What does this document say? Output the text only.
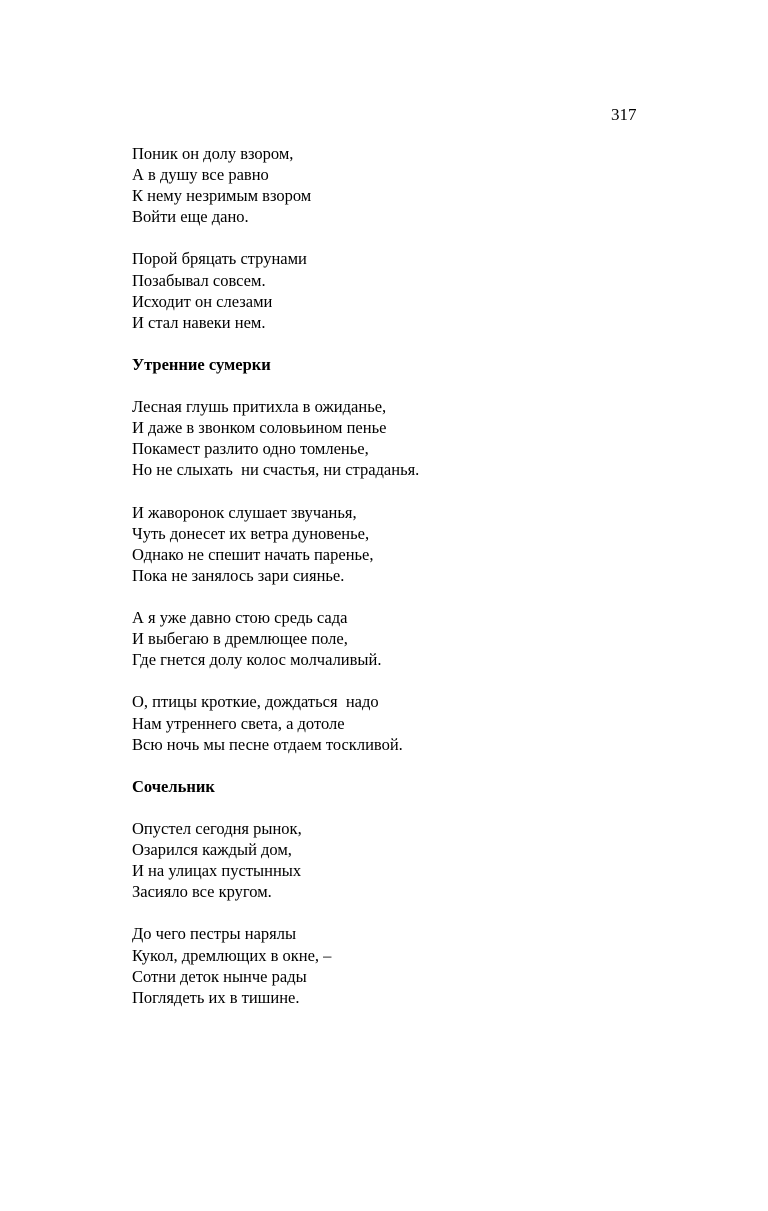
317
Поник он долу взором,
А в душу все равно
К нему незримым взором
Войти еще дано.
Порой бряцать струнами
Позабывал совсем.
Исходит он слезами
И стал навеки нем.
Утренние сумерки
Лесная глушь притихла в ожиданье,
И даже в звонком соловьином пенье
Покамест разлито одно томленье,
Но не слыхать  ни счастья, ни страданья.
И жаворонок слушает звучанья,
Чуть донесет их ветра дуновенье,
Однако не спешит начать паренье,
Пока не занялось зари сиянье.
А я уже давно стою средь сада
И выбегаю в дремлющее поле,
Где гнется долу колос молчаливый.
О, птицы кроткие, дождаться  надо
Нам утреннего света, а дотоле
Всю ночь мы песне отдаем тоскливой.
Сочельник
Опустел сегодня рынок,
Озарился каждый дом,
И на улицах пустынных
Засияло все кругом.
До чего пестры нарялы
Кукол, дремлющих в окне, –
Сотни деток нынче рады
Поглядеть их в тишине.
